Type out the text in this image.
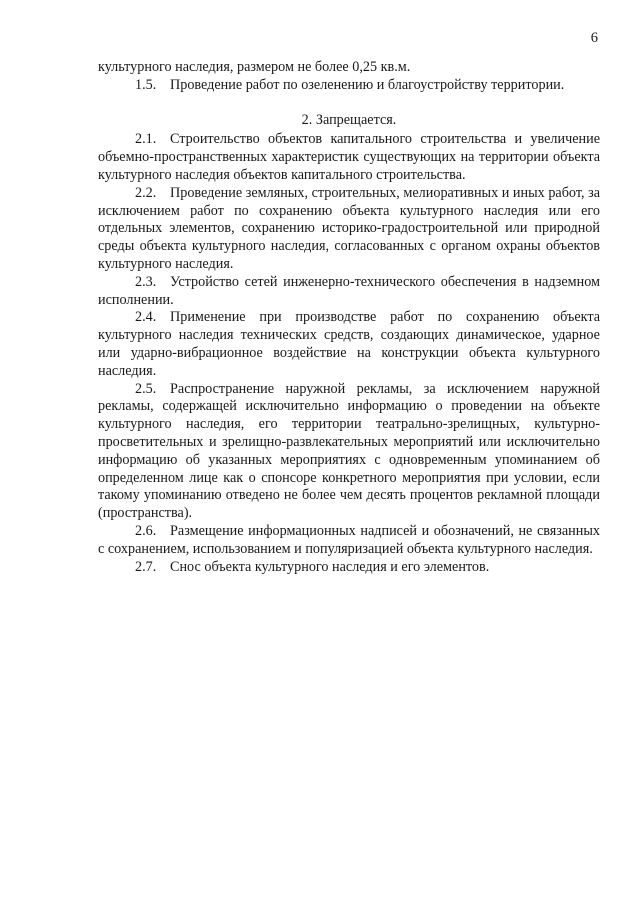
6

культурного наследия, размером не более 0,25 кв.м.

1.5. Проведение работ по озеленению и благоустройству территории.

2. Запрещается.

2.1. Строительство объектов капитального строительства и увеличение объемно-пространственных характеристик существующих на территории объекта культурного наследия объектов капитального строительства.

2.2. Проведение земляных, строительных, мелиоративных и иных работ, за исключением работ по сохранению объекта культурного наследия или его отдельных элементов, сохранению историко-градостроительной или природной среды объекта культурного наследия, согласованных с органом охраны объектов культурного наследия.

2.3. Устройство сетей инженерно-технического обеспечения в надземном исполнении.

2.4. Применение при производстве работ по сохранению объекта культурного наследия технических средств, создающих динамическое, ударное или ударно-вибрационное воздействие на конструкции объекта культурного наследия.

2.5. Распространение наружной рекламы, за исключением наружной рекламы, содержащей исключительно информацию о проведении на объекте культурного наследия, его территории театрально-зрелищных, культурно-просветительных и зрелищно-развлекательных мероприятий или исключительно информацию об указанных мероприятиях с одновременным упоминанием об определенном лице как о спонсоре конкретного мероприятия при условии, если такому упоминанию отведено не более чем десять процентов рекламной площади (пространства).

2.6. Размещение информационных надписей и обозначений, не связанных с сохранением, использованием и популяризацией объекта культурного наследия.

2.7. Снос объекта культурного наследия и его элементов.
